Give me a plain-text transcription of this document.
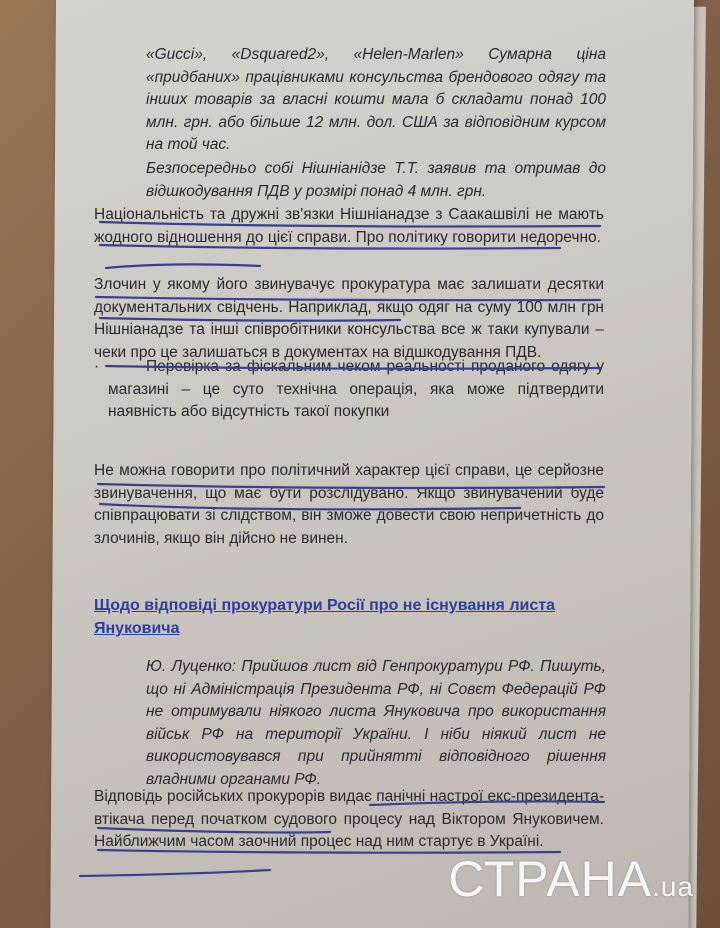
«Gucci», «Dsquared2», «Helen-Marlen» Сумарна ціна «придбаних» працівниками консульства брендового одягу та інших товарів за власні кошти мала б складати понад 100 млн. грн. або більше 12 млн. дол. США за відповідним курсом на той час.
Безпосередньо собі Нішніанідзе Т.Т. заявив та отримав до відшкодування ПДВ у розмірі понад 4 млн. грн.
Національність та дружні зв'язки Нішніанадзе з Саакашвілі не мають жодного відношення до цієї справи. Про політику говорити недоречно.
Злочин у якому його звинувачує прокуратура має залишати десятки документальних свідчень. Наприклад, якщо одяг на суму 100 млн грн Нішніанадзе та інші співробітники консульства все ж таки купували – чеки про це залишаться в документах на відшкодування ПДВ.
·	Перевірка за фіскальним чеком реальності проданого одягу у магазині – це суто технічна операція, яка може підтвердити наявність або відсутність такої покупки
Не можна говорити про політичний характер цієї справи, це серйозне звинувачення, що має бути розслідувано. Якщо звинувачений буде співпрацювати зі слідством, він зможе довести свою непричетність до злочинів, якщо він дійсно не винен.
Щодо відповіді прокуратури Росії про не існування листа Януковича
Ю. Луценко: Прийшов лист від Генпрокуратури РФ. Пишуть, що ні Адміністрація Президента РФ, ні Совєт Федерацій РФ не отримували ніякого листа Януковича про використання військ РФ на території України. І ніби ніякий лист не використовувався при прийнятті відповідного рішення владними органами РФ.
Відповідь російських прокурорів видає панічні настрої екс-президента-втікача перед початком судового процесу над Віктором Януковичем. Найближчим часом заочний процес над ним стартує в Україні.
СТРАНА.ua
